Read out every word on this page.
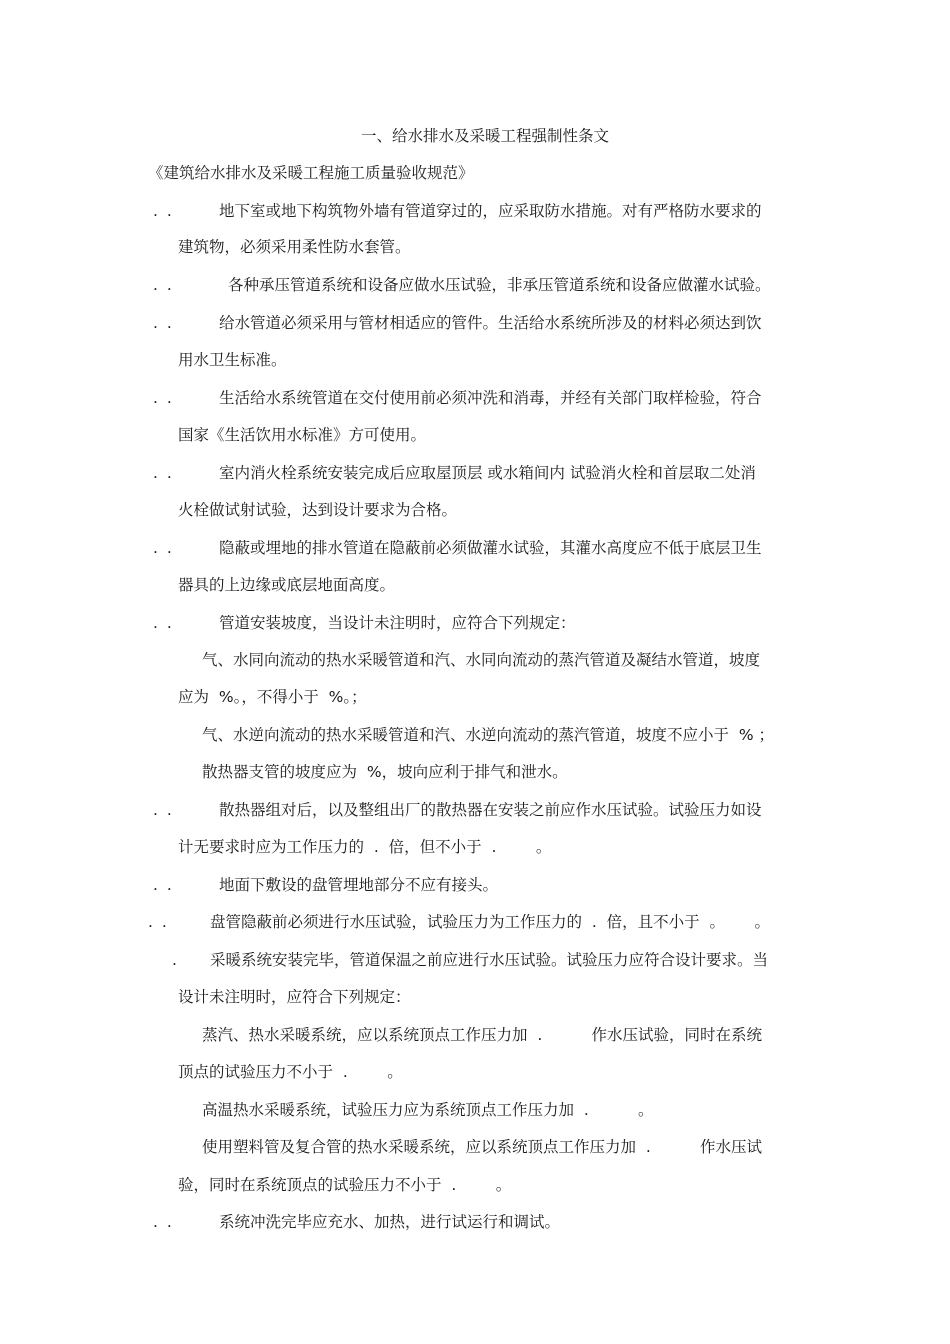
一、给水排水及采暖工程强制性条文
《建筑给水排水及采暖工程施工质量验收规范》
. .	地下室或地下构筑物外墙有管道穿过的，应采取防水措施。对有严格防水要求的
建筑物，必须采用柔性防水套管。
. .	各种承压管道系统和设备应做水压试验，非承压管道系统和设备应做灌水试验。
. .	给水管道必须采用与管材相适应的管件。生活给水系统所涉及的材料必须达到饮
用水卫生标准。
. .	生活给水系统管道在交付使用前必须冲洗和消毒，并经有关部门取样检验，符合
国家《生活饮用水标准》方可使用。
. .	室内消火栓系统安装完成后应取屋顶层 或水箱间内 试验消火栓和首层取二处消
火栓做试射试验，达到设计要求为合格。
. .	隐蔽或埋地的排水管道在隐蔽前必须做灌水试验，其灌水高度应不低于底层卫生
器具的上边缘或底层地面高度。
. .	管道安装坡度，当设计未注明时，应符合下列规定：
气、水同向流动的热水采暖管道和汽、水同向流动的蒸汽管道及凝结水管道，坡度
应为  %。，不得小于  %。；
气、水逆向流动的热水采暖管道和汽、水逆向流动的蒸汽管道，坡度不应小于  % ；
散热器支管的坡度应为  %，坡向应利于排气和泄水。
. .	散热器组对后，以及整组出厂的散热器在安装之前应作水压试验。试验压力如设
计无要求时应为工作压力的  .  倍，但不小于  .        。
. .	地面下敷设的盘管埋地部分不应有接头。
. .	盘管隐蔽前必须进行水压试验，试验压力为工作压力的  .  倍，且不小于  。      。
. 采暖系统安装完毕，管道保温之前应进行水压试验。试验压力应符合设计要求。当
设计未注明时，应符合下列规定：
蒸汽、热水采暖系统，应以系统顶点工作压力加  .          作水压试验，同时在系统
顶点的试验压力不小于  .        。
高温热水采暖系统，试验压力应为系统顶点工作压力加  .          。
使用塑料管及复合管的热水采暖系统，应以系统顶点工作压力加  .          作水压试
验，同时在系统顶点的试验压力不小于  .        。
. .	系统冲洗完毕应充水、加热，进行试运行和调试。
